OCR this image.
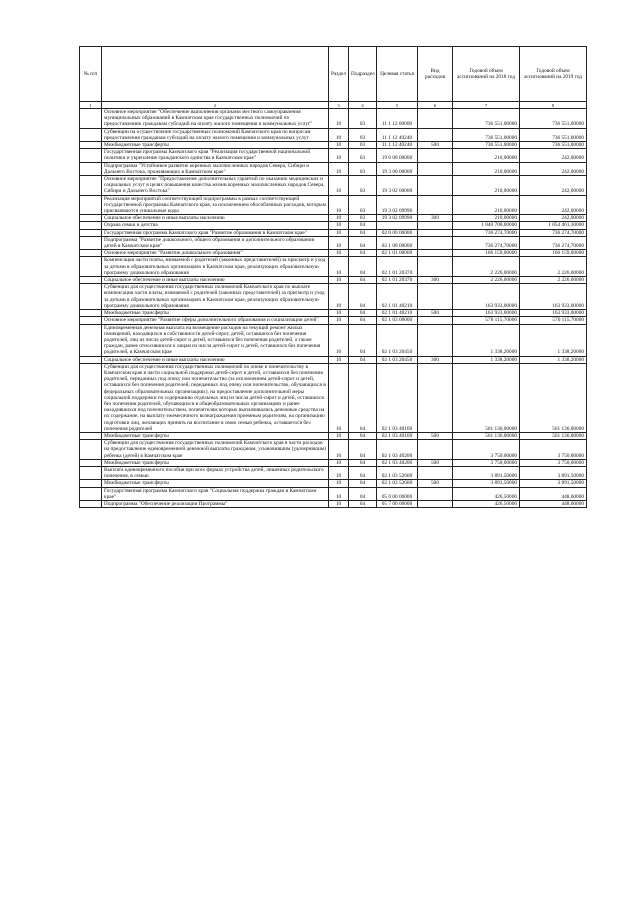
№ п/п		Раздел	Подраздел	Целевая статья	Вид расходов	Годовой объем ассигнований на 2018 год	Годовой объем ассигнований на 2019 год
1	2	3	4	5	6	7	8
	Основное мероприятие "Обеспечение выполнения органами местного самоуправления муниципальных образований в Камчатском крае государственных полномочий по предоставлению гражданам субсидий на оплату жилого помещения и коммунальных услуг"	10	03	11 1 12 00000		736 551,00000	736 551,00000
	Субвенции на осуществление государственных полномочий Камчатского края по вопросам предоставления гражданам субсидий на оплату жилого помещения и коммунальных услуг	10	03	11 1 12 40240		736 551,00000	736 551,00000
	Межбюджетные трансферты	10	03	11 1 12 40240	500	736 551,00000	736 551,00000
	Государственная программа Камчатского края "Реализация государственной национальной политики и укрепление гражданского единства в Камчатском крае"	10	03	19 0 00 00000		210,00000	242,00000
	Подпрограмма "Устойчивое развитие коренных малочисленных народов Севера, Сибири и Дальнего Востока, проживающих в Камчатском крае"	10	03	19 3 00 00000		210,00000	242,00000
	Основное мероприятие "Предоставление дополнительных гарантий по оказанию медицинских и социальных услуг в целях повышения качества жизни коренных малочисленных народов Севера, Сибири и Дальнего Востока"	10	03	19 3 02 00000		210,00000	242,00000
	Реализация мероприятий соответствующей подпрограммы в рамках соответствующей государственной программы Камчатского края, за исключением обособленных расходов, которым присваиваются уникальные коды	10	03	19 3 02 09990		210,00000	242,00000
	Социальное обеспечение и иные выплаты населению	10	03	19 3 02 09990	300	210,00000	242,00000
	Охрана семьи и детства	10	04			1 040 708,00000	1 054 461,30000
	Государственная программа Камчатского края "Развитие образования в Камчатском крае"	10	04	02 0 00 00000		736 274,70000	736 274,70000
	Подпрограмма "Развитие дошкольного, общего образования и дополнительного образования детей в Камчатском крае"	10	04	02 1 00 00000		736 274,70000	736 274,70000
	Основное мероприятие "Развитие дошкольного образования"	10	04	02 1 01 00000		166 159,00000	166 159,00000
	Компенсация части платы, взимаемой с родителей (законных представителей) за присмотр и уход за детьми в образовательных организациях в Камчатском крае, реализующих образовательную программу дошкольного образования	10	04	02 1 01 20370		2 226,00000	2 226,00000
	Социальное обеспечение и иные выплаты населению	10	04	02 1 01 20370	300	2 226,00000	2 226,00000
	Субвенции для осуществления государственных полномочий Камчатского края по выплате компенсации части платы, взимаемой с родителей (законных представителей) за присмотр и уход за детьми в образовательных организациях в Камчатском крае, реализующих образовательную программу дошкольного образования	10	04	02 1 01 40210		163 933,00000	163 933,00000
	Межбюджетные трансферты	10	04	02 1 01 40210	500	163 933,00000	163 933,00000
	Основное мероприятие "Развитие сферы дополнительного образования и социализации детей"	10	04	02 1 03 00000		570 115,70000	570 115,70000
	Единовременная денежная выплата на возмещение расходов на текущий ремонт жилых помещений, находящихся в собственности детей-сирот, детей, оставшихся без попечения родителей, лиц из числа детей-сирот и детей, оставшихся без попечения родителей, а также граждан, ранее относившихся к лицам из числа детей-сирот и детей, оставшихся без попечения родителей, в Камчатском крае	10	04	02 1 03 20450		1 338,20000	1 338,20000
	Социальное обеспечение и иные выплаты населению	10	04	02 1 03 20450	300	1 338,20000	1 338,20000
	Субвенции для осуществления государственных полномочий по опеке и попечительству в Камчатском крае в части социальной поддержки детей-сирот и детей, оставшихся без попечения родителей, переданных под опеку или попечительство (за исключением детей-сирот и детей, оставшихся без попечения родителей, переданных под опеку или попечительство, обучающихся в федеральных образовательных организациях), на предоставление дополнительной меры социальной поддержки по содержанию отдельных лиц из числа детей-сирот и детей, оставшихся без попечения родителей, обучающихся в общеобразовательных организациях и ранее находившихся под попечительством, попечителям которых выплачивались денежные средства на их содержание, на выплату ежемесячного вознаграждения приемным родителям, на организацию подготовки лиц, желающих принять на воспитание в свою семью ребенка, оставшегося без попечения родителей	10	04	02 1 03 40160		561 136,00000	561 136,00000
	Межбюджетные трансферты	10	04	02 1 03 40160	500	561 136,00000	561 136,00000
	Субвенции для осуществления государственных полномочий Камчатского края в части расходов на предоставление единовременной денежной выплаты гражданам, усыновившим (удочерившим) ребенка (детей) в Камчатском крае	10	04	02 1 03 40200		3 750,00000	3 750,00000
	Межбюджетные трансферты	10	04	02 1 03 40200	500	3 750,00000	3 750,00000
	Выплата единовременного пособия при всех формах устройства детей, лишенных родительского попечения, в семью	10	04	02 1 03 52600		3 891,50000	3 891,50000
	Межбюджетные трансферты	10	04	02 1 03 52600	500	3 891,50000	3 891,50000
	Государственная программа Камчатского края "Социальная поддержка граждан в Камчатском крае"	10	04	05 0 00 00000		426,50000	448,60000
	Подпрограмма "Обеспечение реализации Программы"	10	04	05 7 00 00000		426,50000	448,60000
